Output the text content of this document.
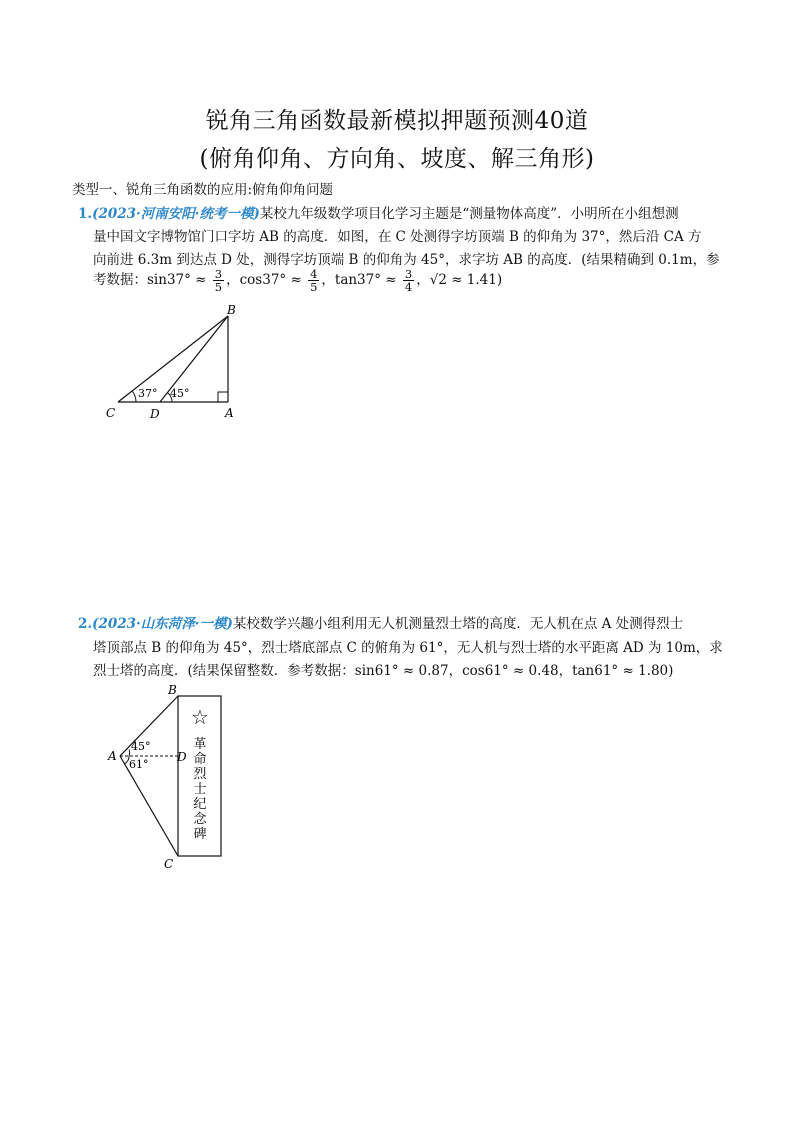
锐角三角函数最新模拟押题预测40道
(俯角仰角、方向角、坡度、解三角形)
类型一、锐角三角函数的应用:俯角仰角问题
1.(2023·河南安阳·统考一模)某校九年级数学项目化学习主题是“测量物体高度”．小明所在小组想测
量中国文字博物馆门口字坊 AB 的高度．如图，在 C 处测得字坊顶端 B 的仰角为 37°，然后沿 CA 方
向前进 6.3m 到达点 D 处，测得字坊顶端 B 的仰角为 45°，求字坊 AB 的高度．(结果精确到 0.1m，参
考数据：$\sin 37^\circ \approx \frac{3}{5}$ ，$\cos 37^\circ \approx \frac{4}{5}$ ，$\tan 37^\circ \approx \frac{3}{4}$ ，√2 ≈ 1.41)
37° 45°
B
C	D	A
2.(2023·山东菏泽·一模)某校数学兴趣小组利用无人机测量烈士塔的高度．无人机在点 A 处测得烈士
塔顶部点 B 的仰角为 45°，烈士塔底部点 C 的俯角为 61°，无人机与烈士塔的水平距离 AD 为 10m，求
烈士塔的高度．(结果保留整数．参考数据：sin61° ≈ 0.87，cos61° ≈ 0.48，tan61° ≈ 1.80)
45°
61°
B
A	D
C
☆
革
命
烈
士
纪
念
碑
